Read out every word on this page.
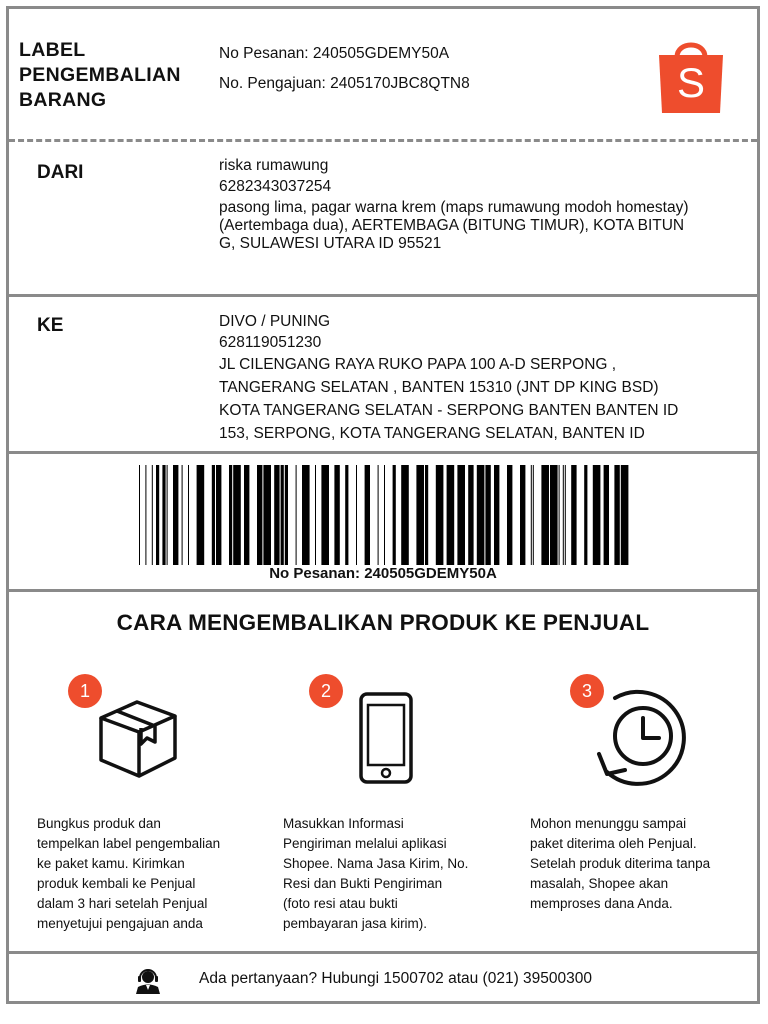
LABEL
PENGEMBALIAN
BARANG
No Pesanan: 240505GDEMY50A
No. Pengajuan: 2405170JBC8QTN8	S
DARI	riska rumawung
6282343037254
pasong lima, pagar warna krem (maps rumawung modoh homestay)
(Aertembaga dua), AERTEMBAGA (BITUNG TIMUR), KOTA BITUN
G, SULAWESI UTARA ID 95521
KE	DIVO / PUNING
628119051230
JL CILENGANG RAYA RUKO PAPA 100 A-D SERPONG ,
TANGERANG SELATAN , BANTEN 15310 (JNT DP KING BSD)
KOTA TANGERANG SELATAN - SERPONG BANTEN BANTEN ID
153, SERPONG, KOTA TANGERANG SELATAN, BANTEN ID
No Pesanan: 240505GDEMY50A
CARA MENGEMBALIKAN PRODUK KE PENJUAL
1
Bungkus produk dan
tempelkan label pengembalian
ke paket kamu. Kirimkan
produk kembali ke Penjual
dalam 3 hari setelah Penjual
menyetujui pengajuan anda
2
Masukkan Informasi
Pengiriman melalui aplikasi
Shopee. Nama Jasa Kirim, No.
Resi dan Bukti Pengiriman
(foto resi atau bukti
pembayaran jasa kirim).
3
Mohon menunggu sampai
paket diterima oleh Penjual.
Setelah produk diterima tanpa
masalah, Shopee akan
memproses dana Anda.
Ada pertanyaan? Hubungi 1500702 atau (021) 39500300
